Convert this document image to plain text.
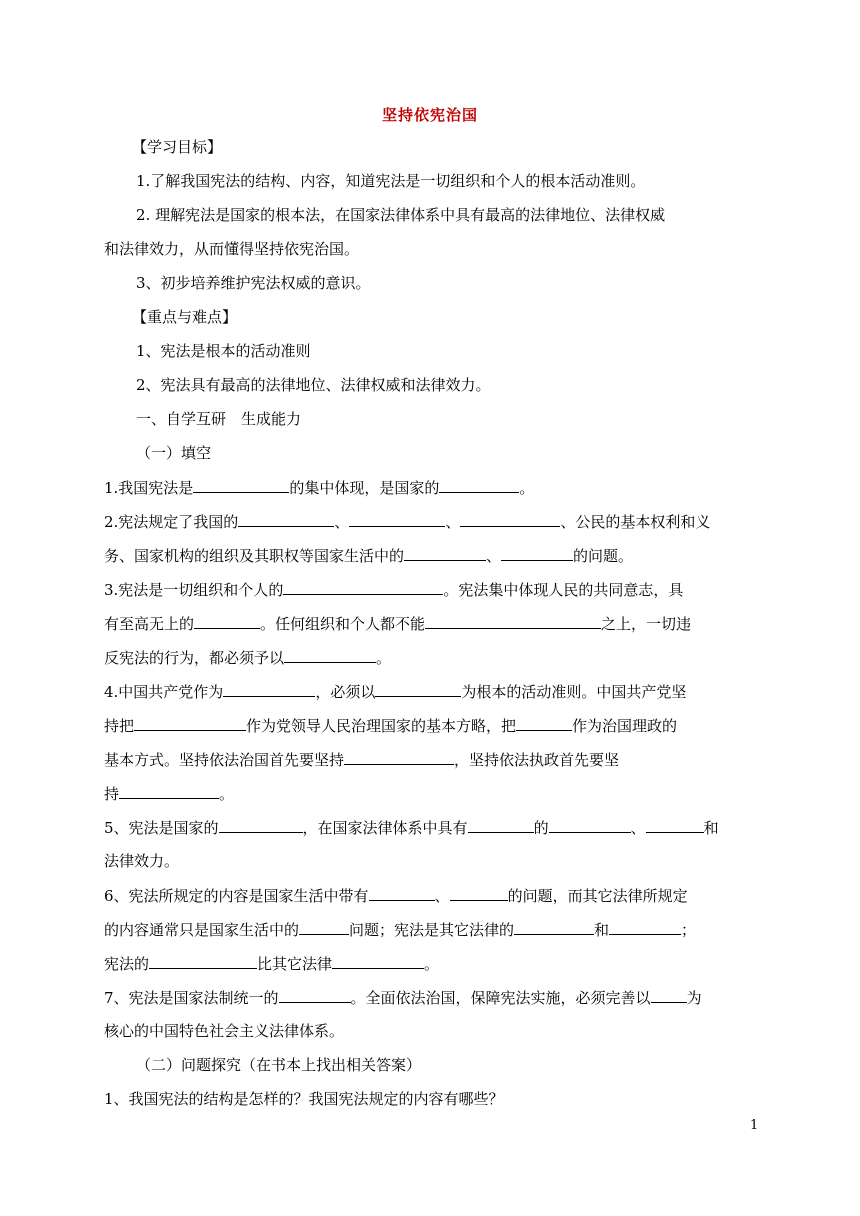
坚持依宪治国
【学习目标】
1.了解我国宪法的结构、内容，知道宪法是一切组织和个人的根本活动准则。
2. 理解宪法是国家的根本法，在国家法律体系中具有最高的法律地位、法律权威
和法律效力，从而懂得坚持依宪治国。
3、初步培养维护宪法权威的意识。
【重点与难点】
1、宪法是根本的活动准则
2、宪法具有最高的法律地位、法律权威和法律效力。
一、自学互研　生成能力
（一）填空
1.我国宪法是	的集中体现，是国家的	。
2.宪法规定了我国的	、	、	、公民的基本权利和义
务、国家机构的组织及其职权等国家生活中的	、	的问题。
3.宪法是一切组织和个人的	。宪法集中体现人民的共同意志，具
有至高无上的	。任何组织和个人都不能	之上，一切违
反宪法的行为，都必须予以	。
4.中国共产党作为	，必须以	为根本的活动准则。中国共产党坚
持把	作为党领导人民治理国家的基本方略，把	作为治国理政的
基本方式。坚持依法治国首先要坚持	，坚持依法执政首先要坚
持	。
5、宪法是国家的	，在国家法律体系中具有	的	、	和
法律效力。
6、宪法所规定的内容是国家生活中带有	、	的问题，而其它法律所规定
的内容通常只是国家生活中的	问题；宪法是其它法律的	和	；
宪法的	比其它法律	。
7、宪法是国家法制统一的	。全面依法治国，保障宪法实施，必须完善以 为
核心的中国特色社会主义法律体系。
（二）问题探究（在书本上找出相关答案）
1、我国宪法的结构是怎样的？我国宪法规定的内容有哪些？
1
